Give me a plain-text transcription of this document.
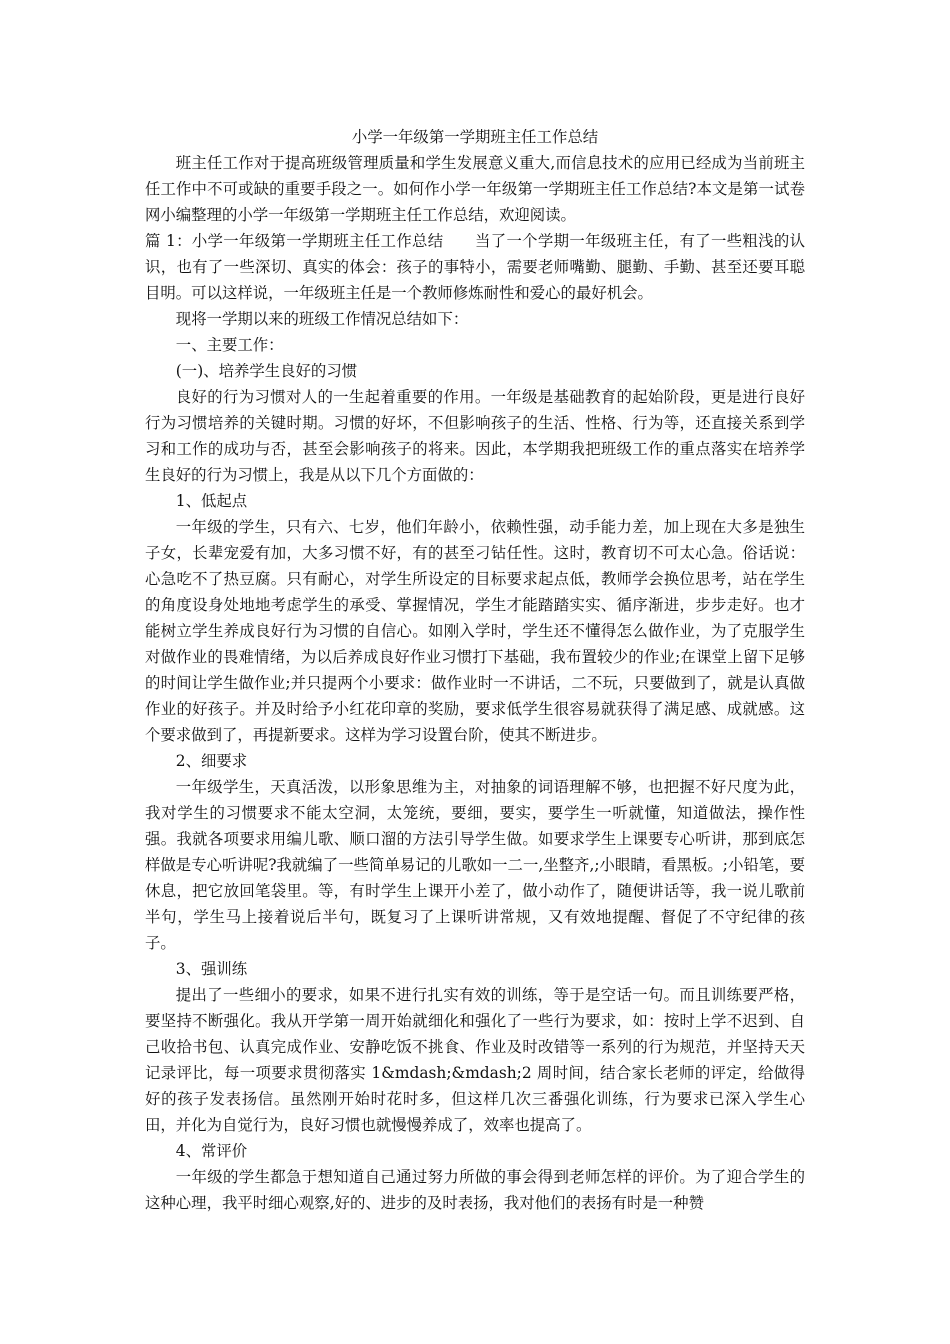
小学一年级第一学期班主任工作总结

班主任工作对于提高班级管理质量和学生发展意义重大,而信息技术的应用已经成为当前班主任工作中不可或缺的重要手段之一。如何作小学一年级第一学期班主任工作总结?本文是第一试卷网小编整理的小学一年级第一学期班主任工作总结，欢迎阅读。

篇 1：小学一年级第一学期班主任工作总结　　当了一个学期一年级班主任，有了一些粗浅的认识，也有了一些深切、真实的体会：孩子的事特小，需要老师嘴勤、腿勤、手勤、甚至还要耳聪目明。可以这样说，一年级班主任是一个教师修炼耐性和爱心的最好机会。

现将一学期以来的班级工作情况总结如下：

一、主要工作：

(一)、培养学生良好的习惯

良好的行为习惯对人的一生起着重要的作用。一年级是基础教育的起始阶段，更是进行良好行为习惯培养的关键时期。习惯的好坏，不但影响孩子的生活、性格、行为等，还直接关系到学习和工作的成功与否，甚至会影响孩子的将来。因此，本学期我把班级工作的重点落实在培养学生良好的行为习惯上，我是从以下几个方面做的：

1、低起点

一年级的学生，只有六、七岁，他们年龄小，依赖性强，动手能力差，加上现在大多是独生子女，长辈宠爱有加，大多习惯不好，有的甚至刁钻任性。这时，教育切不可太心急。俗话说：心急吃不了热豆腐。只有耐心，对学生所设定的目标要求起点低，教师学会换位思考，站在学生的角度设身处地地考虑学生的承受、掌握情况，学生才能踏踏实实、循序渐进，步步走好。也才能树立学生养成良好行为习惯的自信心。如刚入学时，学生还不懂得怎么做作业，为了克服学生对做作业的畏难情绪，为以后养成良好作业习惯打下基础，我布置较少的作业;在课堂上留下足够的时间让学生做作业;并只提两个小要求：做作业时一不讲话，二不玩，只要做到了，就是认真做作业的好孩子。并及时给予小红花印章的奖励，要求低学生很容易就获得了满足感、成就感。这个要求做到了，再提新要求。这样为学习设置台阶，使其不断进步。

2、细要求

一年级学生，天真活泼，以形象思维为主，对抽象的词语理解不够，也把握不好尺度为此，我对学生的习惯要求不能太空洞，太笼统，要细，要实，要学生一听就懂，知道做法，操作性强。我就各项要求用编儿歌、顺口溜的方法引导学生做。如要求学生上课要专心听讲，那到底怎样做是专心听讲呢?我就编了一些简单易记的儿歌如一二一,坐整齐,;小眼睛，看黑板。;小铅笔，要休息，把它放回笔袋里。等，有时学生上课开小差了，做小动作了，随便讲话等，我一说儿歌前半句，学生马上接着说后半句，既复习了上课听讲常规，又有效地提醒、督促了不守纪律的孩子。

3、强训练

提出了一些细小的要求，如果不进行扎实有效的训练，等于是空话一句。而且训练要严格，要坚持不断强化。我从开学第一周开始就细化和强化了一些行为要求，如：按时上学不迟到、自己收拾书包、认真完成作业、安静吃饭不挑食、作业及时改错等一系列的行为规范，并坚持天天记录评比，每一项要求贯彻落实 1&mdash;&mdash;2 周时间，结合家长老师的评定，给做得好的孩子发表扬信。虽然刚开始时花时多，但这样几次三番强化训练，行为要求已深入学生心田，并化为自觉行为，良好习惯也就慢慢养成了，效率也提高了。

4、常评价

一年级的学生都急于想知道自己通过努力所做的事会得到老师怎样的评价。为了迎合学生的这种心理，我平时细心观察,好的、进步的及时表扬，我对他们的表扬有时是一种赞
